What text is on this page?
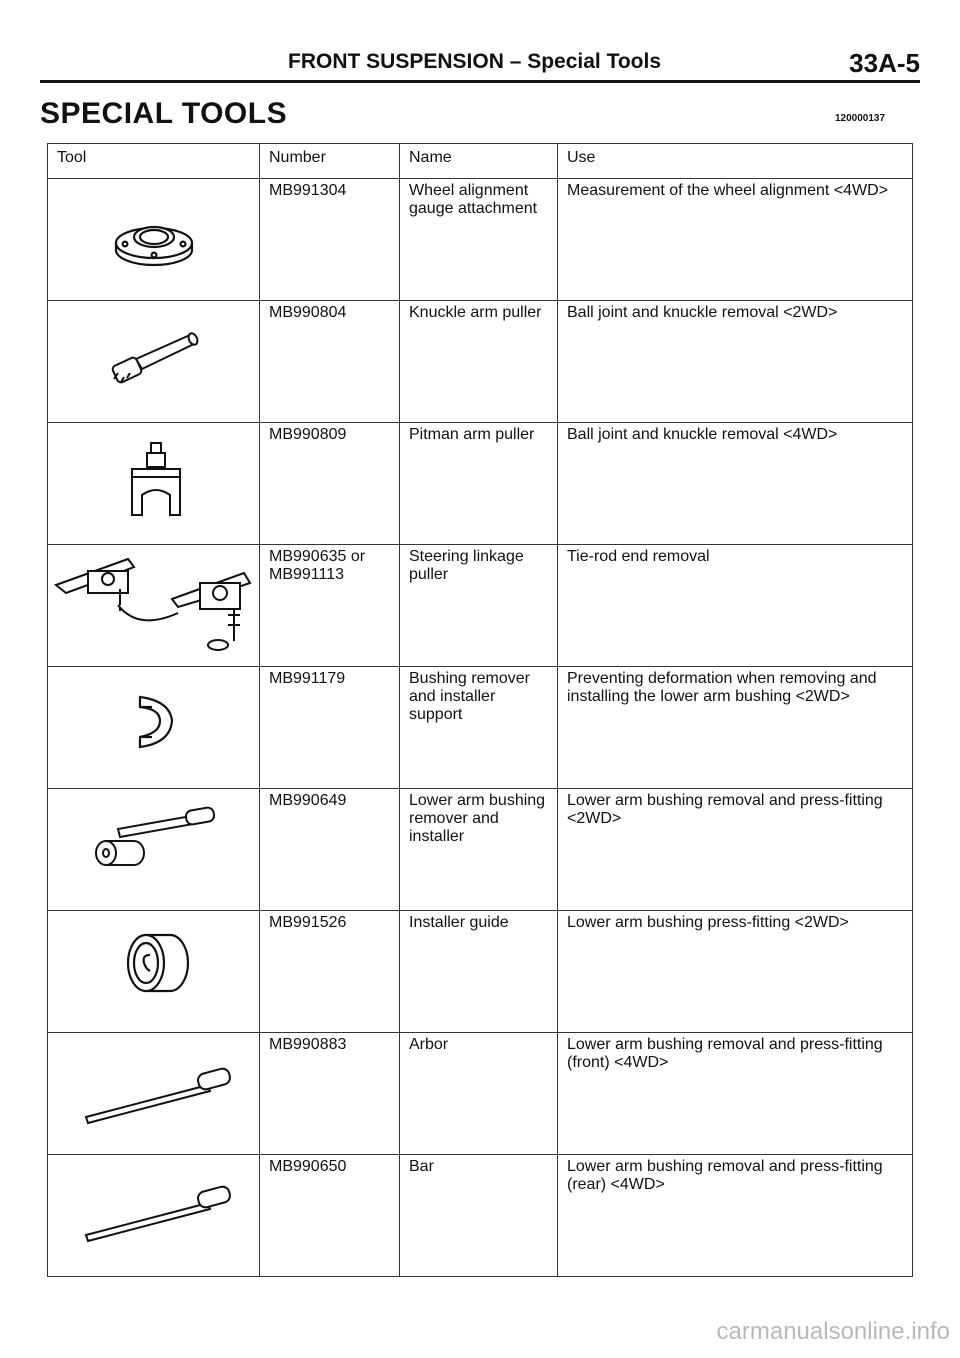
FRONT SUSPENSION – Special Tools	33A-5
SPECIAL TOOLS	120000137
Tool	Number	Name	Use

MB991304	Wheel alignment gauge attachment	Measurement of the wheel alignment <4WD>

MB990804	Knuckle arm puller	Ball joint and knuckle removal <2WD>

MB990809	Pitman arm puller	Ball joint and knuckle removal <4WD>

MB990635 or MB991113	Steering linkage puller	Tie-rod end removal

MB991179	Bushing remover and installer support	Preventing deformation when removing and installing the lower arm bushing <2WD>

MB990649	Lower arm bushing remover and installer	Lower arm bushing removal and press-fitting <2WD>

MB991526	Installer guide	Lower arm bushing press-fitting <2WD>

MB990883	Arbor	Lower arm bushing removal and press-fitting (front) <4WD>

MB990650	Bar	Lower arm bushing removal and press-fitting (rear) <4WD>
carmanualsonline.info
